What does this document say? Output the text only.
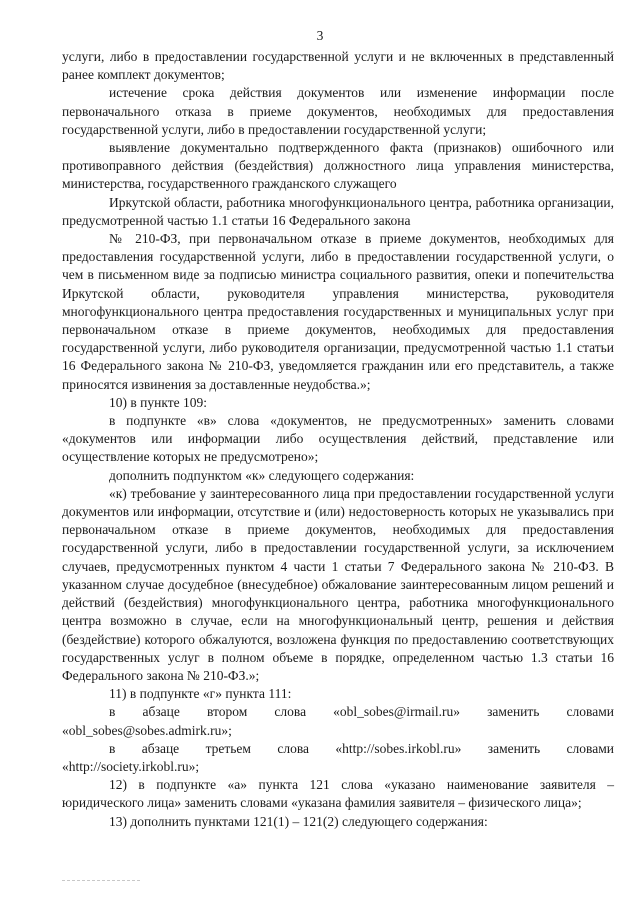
3

услуги, либо в предоставлении государственной услуги и не включенных в представленный ранее комплект документов;

истечение срока действия документов или изменение информации после первоначального отказа в приеме документов, необходимых для предоставления государственной услуги, либо в предоставлении государственной услуги;

выявление документально подтвержденного факта (признаков) ошибочного или противоправного действия (бездействия) должностного лица управления министерства, министерства, государственного гражданского служащего

Иркутской области, работника многофункционального центра, работника организации, предусмотренной частью 1.1 статьи 16 Федерального закона

№ 210-ФЗ, при первоначальном отказе в приеме документов, необходимых для предоставления государственной услуги, либо в предоставлении государственной услуги, о чем в письменном виде за подписью министра социального развития, опеки и попечительства Иркутской области, руководителя управления министерства, руководителя многофункционального центра предоставления государственных и муниципальных услуг при первоначальном отказе в приеме документов, необходимых для предоставления государственной услуги, либо руководителя организации, предусмотренной частью 1.1 статьи 16 Федерального закона № 210-ФЗ, уведомляется гражданин или его представитель, а также приносятся извинения за доставленные неудобства.»;

10) в пункте 109:

в подпункте «в» слова «документов, не предусмотренных» заменить словами «документов или информации либо осуществления действий, представление или осуществление которых не предусмотрено»;

дополнить подпунктом «к» следующего содержания:

«к) требование у заинтересованного лица при предоставлении государственной услуги документов или информации, отсутствие и (или) недостоверность которых не указывались при первоначальном отказе в приеме документов, необходимых для предоставления государственной услуги, либо в предоставлении государственной услуги, за исключением случаев, предусмотренных пунктом 4 части 1 статьи 7 Федерального закона № 210-ФЗ. В указанном случае досудебное (внесудебное) обжалование заинтересованным лицом решений и действий (бездействия) многофункционального центра, работника многофункционального центра возможно в случае, если на многофункциональный центр, решения и действия (бездействие) которого обжалуются, возложена функция по предоставлению соответствующих государственных услуг в полном объеме в порядке, определенном частью 1.3 статьи 16 Федерального закона № 210-ФЗ.»;

11) в подпункте «г» пункта 111:

в абзаце втором слова «obl_sobes@irmail.ru» заменить словами «obl_sobes@sobes.admirk.ru»;

в абзаце третьем слова «http://sobes.irkobl.ru» заменить словами «http://society.irkobl.ru»;

12) в подпункте «а» пункта 121 слова «указано наименование заявителя – юридического лица» заменить словами «указана фамилия заявителя – физического лица»;

13) дополнить пунктами 121(1) – 121(2) следующего содержания:
